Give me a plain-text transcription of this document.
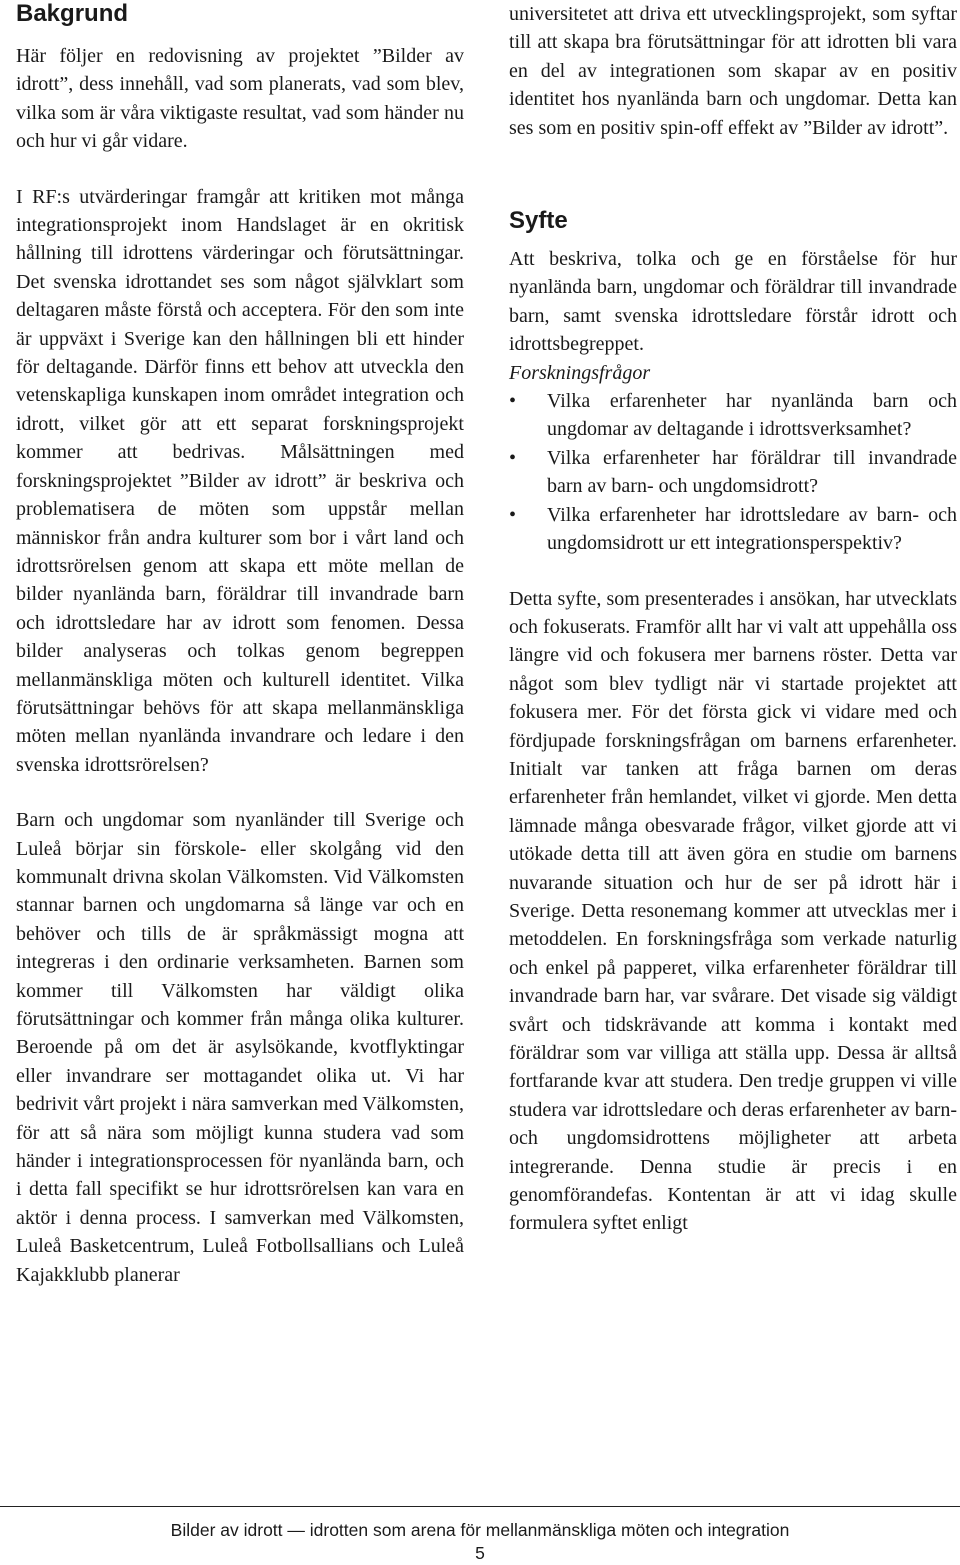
Bakgrund

Här följer en redovisning av projektet ”Bilder av idrott”, dess innehåll, vad som planerats, vad som blev, vilka som är våra viktigaste resultat, vad som händer nu och hur vi går vidare.

I RF:s utvärderingar framgår att kritiken mot många integrationsprojekt inom Handslaget är en okritisk hållning till idrottens värderingar och förutsättningar. Det svenska idrottandet ses som något självklart som deltagaren måste förstå och acceptera. För den som inte är uppväxt i Sverige kan den hållningen bli ett hinder för deltagande. Därför finns ett behov att utveckla den vetenskapliga kunskapen inom området integration och idrott, vilket gör att ett separat forskningsprojekt kommer att bedrivas. Målsättningen med forskningsprojektet ”Bilder av idrott” är beskriva och problematisera de möten som uppstår mellan människor från andra kulturer som bor i vårt land och idrottsrörelsen genom att skapa ett möte mellan de bilder nyanlända barn, föräldrar till invandrade barn och idrottsledare har av idrott som fenomen. Dessa bilder analyseras och tolkas genom begreppen mellanmänskliga möten och kulturell identitet. Vilka förutsättningar behövs för att skapa mellanmänskliga möten mellan nyanlända invandrare och ledare i den svenska idrottsrörelsen?

Barn och ungdomar som nyanländer till Sverige och Luleå börjar sin förskole- eller skolgång vid den kommunalt drivna skolan Välkomsten. Vid Välkomsten stannar barnen och ungdomarna så länge var och en behöver och tills de är språkmässigt mogna att integreras i den ordinarie verksamheten. Barnen som kommer till Välkomsten har väldigt olika förutsättningar och kommer från många olika kulturer. Beroende på om det är asylsökande, kvotflyktingar eller invandrare ser mottagandet olika ut. Vi har bedrivit vårt projekt i nära samverkan med Välkomsten, för att så nära som möjligt kunna studera vad som händer i integrationsprocessen för nyanlända barn, och i detta fall specifikt se hur idrottsrörelsen kan vara en aktör i denna process. I samverkan med Välkomsten, Luleå Basketcentrum, Luleå Fotbollsallians och Luleå Kajakklubb planerar

universitetet att driva ett utvecklingsprojekt, som syftar till att skapa bra förutsättningar för att idrotten bli vara en del av integrationen som skapar av en positiv identitet hos nyanlända barn och ungdomar. Detta kan ses som en positiv spin-off effekt av ”Bilder av idrott”.

Syfte

Att beskriva, tolka och ge en förståelse för hur nyanlända barn, ungdomar och föräldrar till invandrade barn, samt svenska idrottsledare förstår idrott och idrottsbegreppet.

Forskningsfrågor

• Vilka erfarenheter har nyanlända barn och ungdomar av deltagande i idrottsverksamhet?
• Vilka erfarenheter har föräldrar till invandrade barn av barn- och ungdomsidrott?
• Vilka erfarenheter har idrottsledare av barn- och ungdomsidrott ur ett integrationsperspektiv?

Detta syfte, som presenterades i ansökan, har utvecklats och fokuserats. Framför allt har vi valt att uppehålla oss längre vid och fokusera mer barnens röster. Detta var något som blev tydligt när vi startade projektet att fokusera mer. För det första gick vi vidare med och fördjupade forskningsfrågan om barnens erfarenheter. Initialt var tanken att fråga barnen om deras erfarenheter från hemlandet, vilket vi gjorde. Men detta lämnade många obesvarade frågor, vilket gjorde att vi utökade detta till att även göra en studie om barnens nuvarande situation och hur de ser på idrott här i Sverige. Detta resonemang kommer att utvecklas mer i metoddelen. En forskningsfråga som verkade naturlig och enkel på papperet, vilka erfarenheter föräldrar till invandrade barn har, var svårare. Det visade sig väldigt svårt och tidskrävande att komma i kontakt med föräldrar som var villiga att ställa upp. Dessa är alltså fortfarande kvar att studera. Den tredje gruppen vi ville studera var idrottsledare och deras erfarenheter av barn- och ungdomsidrottens möjligheter att arbeta integrerande. Denna studie är precis i en genomförandefas. Kontentan är att vi idag skulle formulera syftet enligt

Bilder av idrott — idrotten som arena för mellanmänskliga möten och integration
5
